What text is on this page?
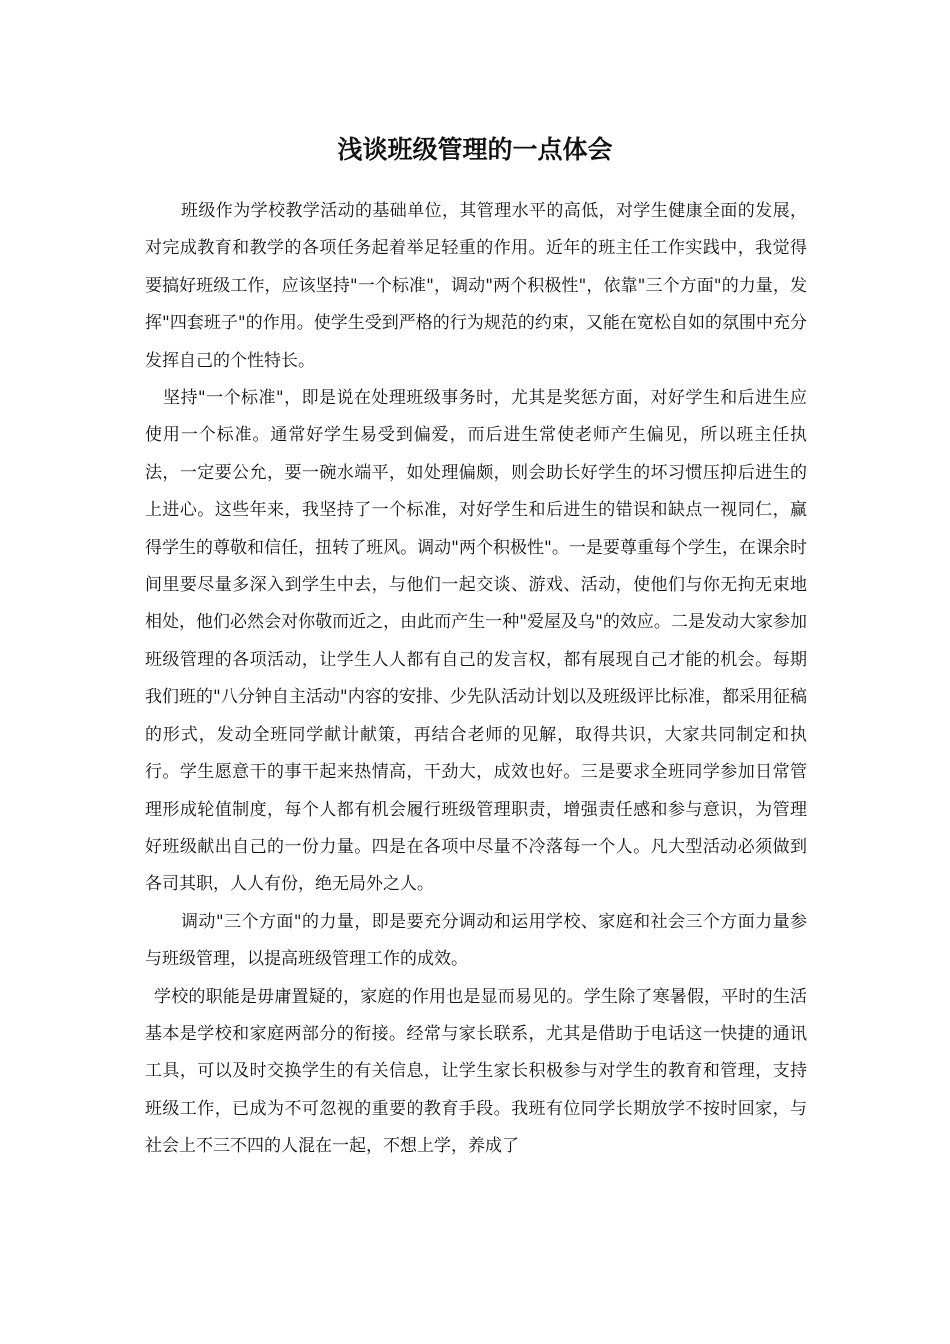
浅谈班级管理的一点体会

班级作为学校教学活动的基础单位，其管理水平的高低，对学生健康全面的发展，对完成教育和教学的各项任务起着举足轻重的作用。近年的班主任工作实践中，我觉得要搞好班级工作，应该坚持"一个标准"，调动"两个积极性"，依靠"三个方面"的力量，发挥"四套班子"的作用。使学生受到严格的行为规范的约束，又能在宽松自如的氛围中充分发挥自己的个性特长。

坚持"一个标准"，即是说在处理班级事务时，尤其是奖惩方面，对好学生和后进生应使用一个标准。通常好学生易受到偏爱，而后进生常使老师产生偏见，所以班主任执法，一定要公允，要一碗水端平，如处理偏颇，则会助长好学生的坏习惯压抑后进生的上进心。这些年来，我坚持了一个标准，对好学生和后进生的错误和缺点一视同仁，赢得学生的尊敬和信任，扭转了班风。调动"两个积极性"。一是要尊重每个学生，在课余时间里要尽量多深入到学生中去，与他们一起交谈、游戏、活动，使他们与你无拘无束地相处，他们必然会对你敬而近之，由此而产生一种"爱屋及乌"的效应。二是发动大家参加班级管理的各项活动，让学生人人都有自己的发言权，都有展现自己才能的机会。每期我们班的"八分钟自主活动"内容的安排、少先队活动计划以及班级评比标准，都采用征稿的形式，发动全班同学献计献策，再结合老师的见解，取得共识，大家共同制定和执行。学生愿意干的事干起来热情高，干劲大，成效也好。三是要求全班同学参加日常管理形成轮值制度，每个人都有机会履行班级管理职责，增强责任感和参与意识，为管理好班级献出自己的一份力量。四是在各项中尽量不冷落每一个人。凡大型活动必须做到各司其职，人人有份，绝无局外之人。

调动"三个方面"的力量，即是要充分调动和运用学校、家庭和社会三个方面力量参与班级管理，以提高班级管理工作的成效。

学校的职能是毋庸置疑的，家庭的作用也是显而易见的。学生除了寒暑假，平时的生活基本是学校和家庭两部分的衔接。经常与家长联系，尤其是借助于电话这一快捷的通讯工具，可以及时交换学生的有关信息，让学生家长积极参与对学生的教育和管理，支持班级工作，已成为不可忽视的重要的教育手段。我班有位同学长期放学不按时回家，与社会上不三不四的人混在一起，不想上学，养成了
